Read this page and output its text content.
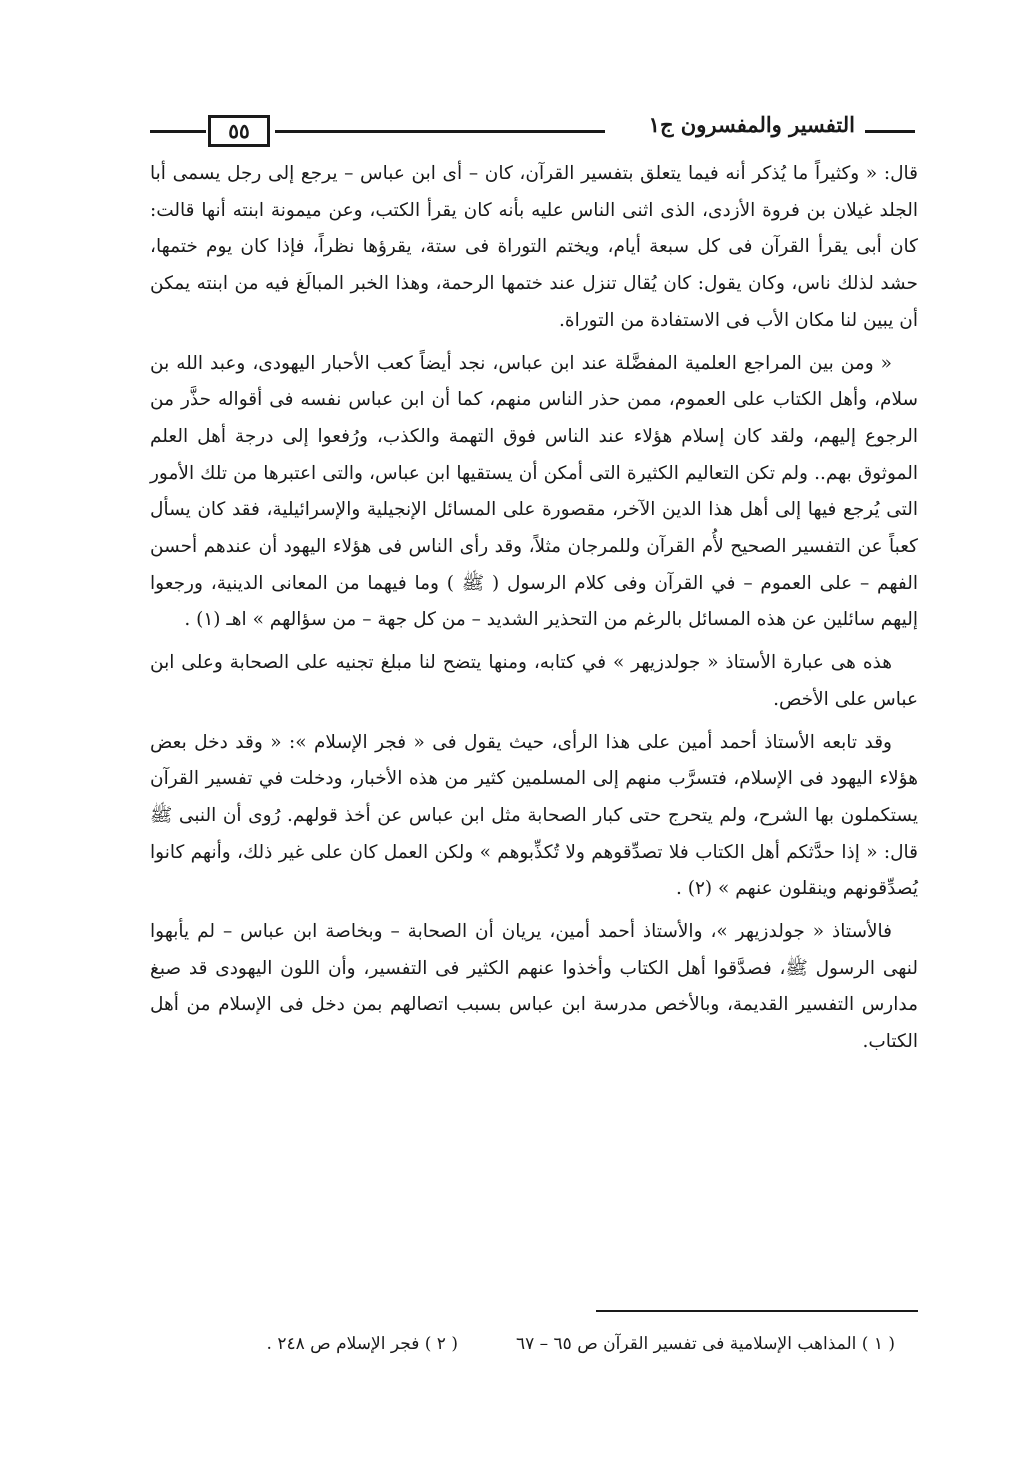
التفسير والمفسرون ج١
٥٥

قال: « وكثيراً ما يُذكر أنه فيما يتعلق بتفسير القرآن، كان – أى ابن عباس – يرجع إلى رجل يسمى أبا الجلد غيلان بن فروة الأزدى، الذى اثنى الناس عليه بأنه كان يقرأ الكتب، وعن ميمونة ابنته أنها قالت: كان أبى يقرأ القرآن فى كل سبعة أيام، ويختم التوراة فى ستة، يقرؤها نظراً، فإذا كان يوم ختمها، حشد لذلك ناس، وكان يقول: كان يُقال تنزل عند ختمها الرحمة، وهذا الخبر المبالَغ فيه من ابنته يمكن أن يبين لنا مكان الأب فى الاستفادة من التوراة.

« ومن بين المراجع العلمية المفضَّلة عند ابن عباس، نجد أيضاً كعب الأحبار اليهودى، وعبد الله بن سلام، وأهل الكتاب على العموم، ممن حذر الناس منهم، كما أن ابن عباس نفسه فى أقواله حذَّر من الرجوع إليهم، ولقد كان إسلام هؤلاء عند الناس فوق التهمة والكذب، ورُفعوا إلى درجة أهل العلم الموثوق بهم.. ولم تكن التعاليم الكثيرة التى أمكن أن يستقيها ابن عباس، والتى اعتبرها من تلك الأمور التى يُرجع فيها إلى أهل هذا الدين الآخر، مقصورة على المسائل الإنجيلية والإسرائيلية، فقد كان يسأل كعباً عن التفسير الصحيح لأُم القرآن وللمرجان مثلاً، وقد رأى الناس فى هؤلاء اليهود أن عندهم أحسن الفهم – على العموم – في القرآن وفى كلام الرسول ( ﷺ ) وما فيهما من المعانى الدينية، ورجعوا إليهم سائلين عن هذه المسائل بالرغم من التحذير الشديد – من كل جهة – من سؤالهم » اهـ (١) .

هذه هى عبارة الأستاذ « جولدزيهر » في كتابه، ومنها يتضح لنا مبلغ تجنيه على الصحابة وعلى ابن عباس على الأخص.

وقد تابعه الأستاذ أحمد أمين على هذا الرأى، حيث يقول فى « فجر الإسلام »: « وقد دخل بعض هؤلاء اليهود فى الإسلام، فتسرَّب منهم إلى المسلمين كثير من هذه الأخبار، ودخلت في تفسير القرآن يستكملون بها الشرح، ولم يتحرج حتى كبار الصحابة مثل ابن عباس عن أخذ قولهم. رُوى أن النبى ﷺ قال: « إذا حدَّثكم أهل الكتاب فلا تصدِّقوهم ولا تُكذِّبوهم » ولكن العمل كان على غير ذلك، وأنهم كانوا يُصدِّقونهم وينقلون عنهم » (٢) .

فالأستاذ « جولدزيهر »، والأستاذ أحمد أمين، يريان أن الصحابة – وبخاصة ابن عباس – لم يأبهوا لنهى الرسول ﷺ، فصدَّقوا أهل الكتاب وأخذوا عنهم الكثير فى التفسير، وأن اللون اليهودى قد صبغ مدارس التفسير القديمة، وبالأخص مدرسة ابن عباس بسبب اتصالهم بمن دخل فى الإسلام من أهل الكتاب.

( ١ ) المذاهب الإسلامية فى تفسير القرآن ص ٦٥ – ٦٧
( ٢ ) فجر الإسلام ص ٢٤٨ .
